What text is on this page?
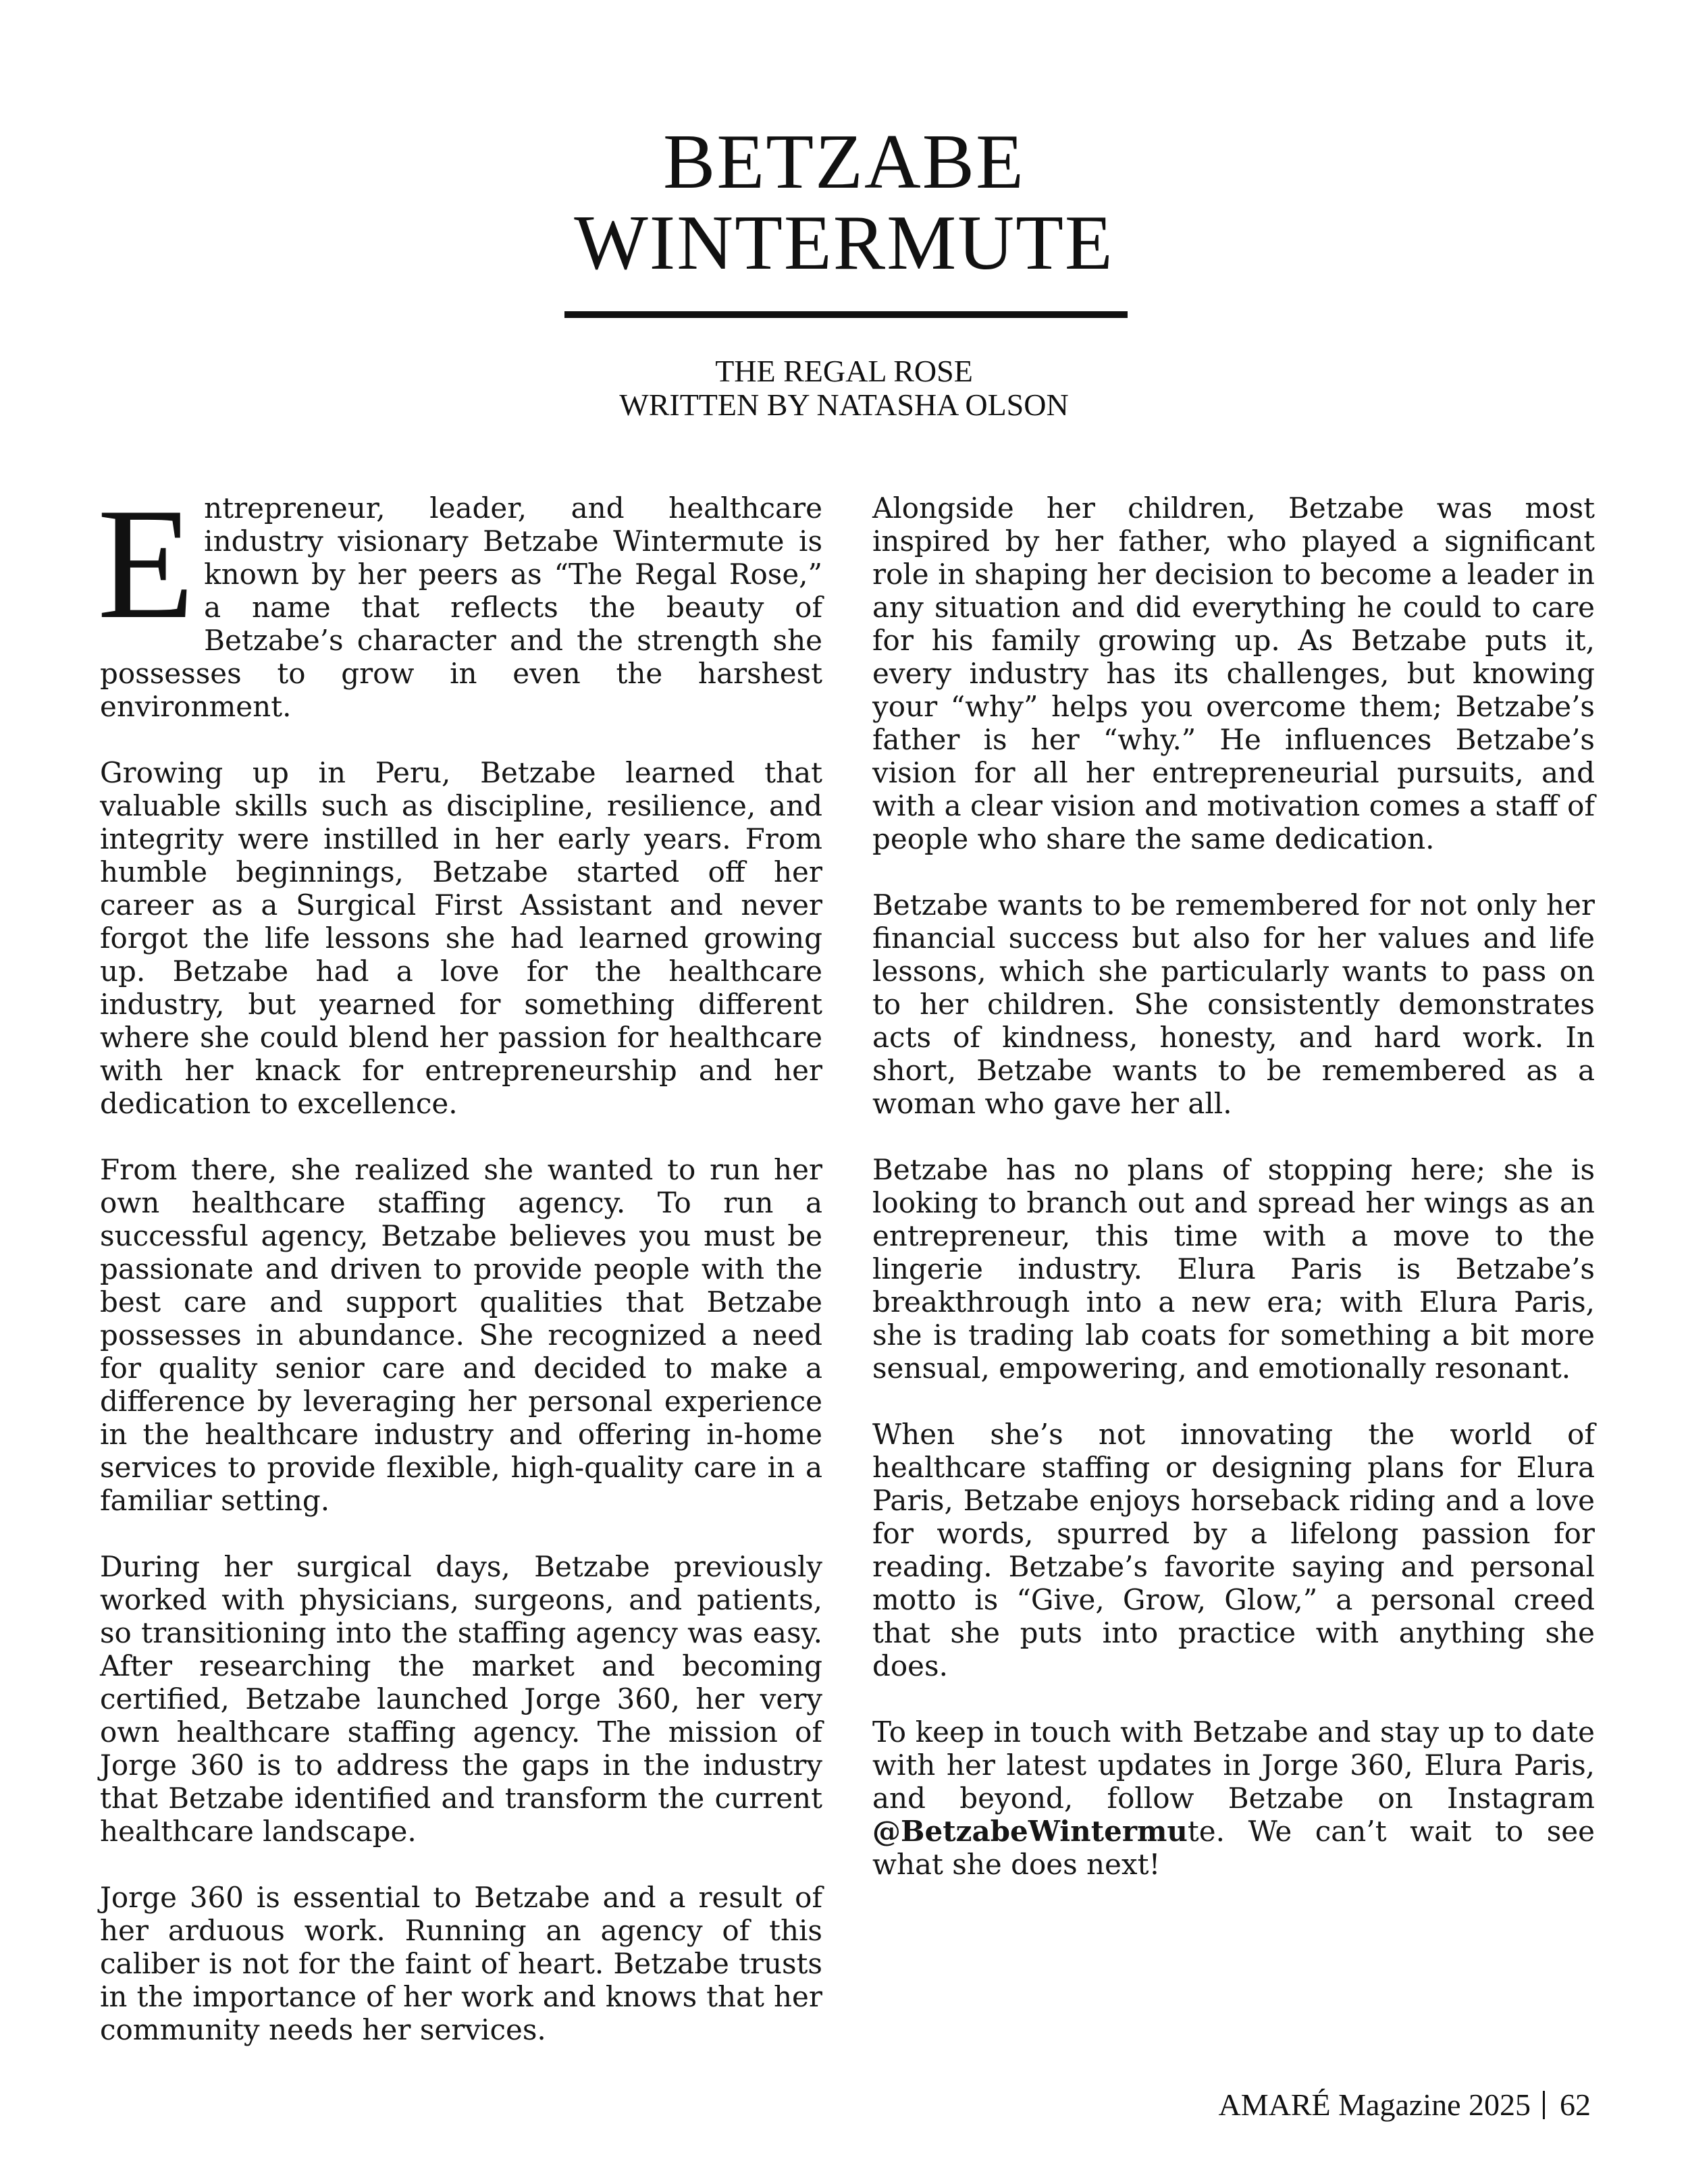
BETZABE
WINTERMUTE
THE REGAL ROSE
WRITTEN BY NATASHA OLSON

Entrepreneur, leader, and healthcare industry visionary Betzabe Wintermute is known by her peers as “The Regal Rose,” a name that reflects the beauty of Betzabe’s character and the strength she possesses to grow in even the harshest environment.

Growing up in Peru, Betzabe learned that valuable skills such as discipline, resilience, and integrity were instilled in her early years. From humble beginnings, Betzabe started off her career as a Surgical First Assistant and never forgot the life lessons she had learned growing up. Betzabe had a love for the healthcare industry, but yearned for something different where she could blend her passion for healthcare with her knack for entrepreneurship and her dedication to excellence.

From there, she realized she wanted to run her own healthcare staffing agency. To run a successful agency, Betzabe believes you must be passionate and driven to provide people with the best care and support qualities that Betzabe possesses in abundance. She recognized a need for quality senior care and decided to make a difference by leveraging her personal experience in the healthcare industry and offering in-home services to provide flexible, high-quality care in a familiar setting.

During her surgical days, Betzabe previously worked with physicians, surgeons, and patients, so transitioning into the staffing agency was easy. After researching the market and becoming certified, Betzabe launched Jorge 360, her very own healthcare staffing agency. The mission of Jorge 360 is to address the gaps in the industry that Betzabe identified and transform the current healthcare landscape.

Jorge 360 is essential to Betzabe and a result of her arduous work. Running an agency of this caliber is not for the faint of heart. Betzabe trusts in the importance of her work and knows that her community needs her services.

Alongside her children, Betzabe was most inspired by her father, who played a significant role in shaping her decision to become a leader in any situation and did everything he could to care for his family growing up. As Betzabe puts it, every industry has its challenges, but knowing your “why” helps you overcome them; Betzabe’s father is her “why.” He influences Betzabe’s vision for all her entrepreneurial pursuits, and with a clear vision and motivation comes a staff of people who share the same dedication.

Betzabe wants to be remembered for not only her financial success but also for her values and life lessons, which she particularly wants to pass on to her children. She consistently demonstrates acts of kindness, honesty, and hard work. In short, Betzabe wants to be remembered as a woman who gave her all.

Betzabe has no plans of stopping here; she is looking to branch out and spread her wings as an entrepreneur, this time with a move to the lingerie industry. Elura Paris is Betzabe’s breakthrough into a new era; with Elura Paris, she is trading lab coats for something a bit more sensual, empowering, and emotionally resonant.

When she’s not innovating the world of healthcare staffing or designing plans for Elura Paris, Betzabe enjoys horseback riding and a love for words, spurred by a lifelong passion for reading. Betzabe’s favorite saying and personal motto is “Give, Grow, Glow,” a personal creed that she puts into practice with anything she does.

To keep in touch with Betzabe and stay up to date with her latest updates in Jorge 360, Elura Paris, and beyond, follow Betzabe on Instagram @BetzabeWintermute. We can’t wait to see what she does next!

AMARÉ Magazine 2025 62
